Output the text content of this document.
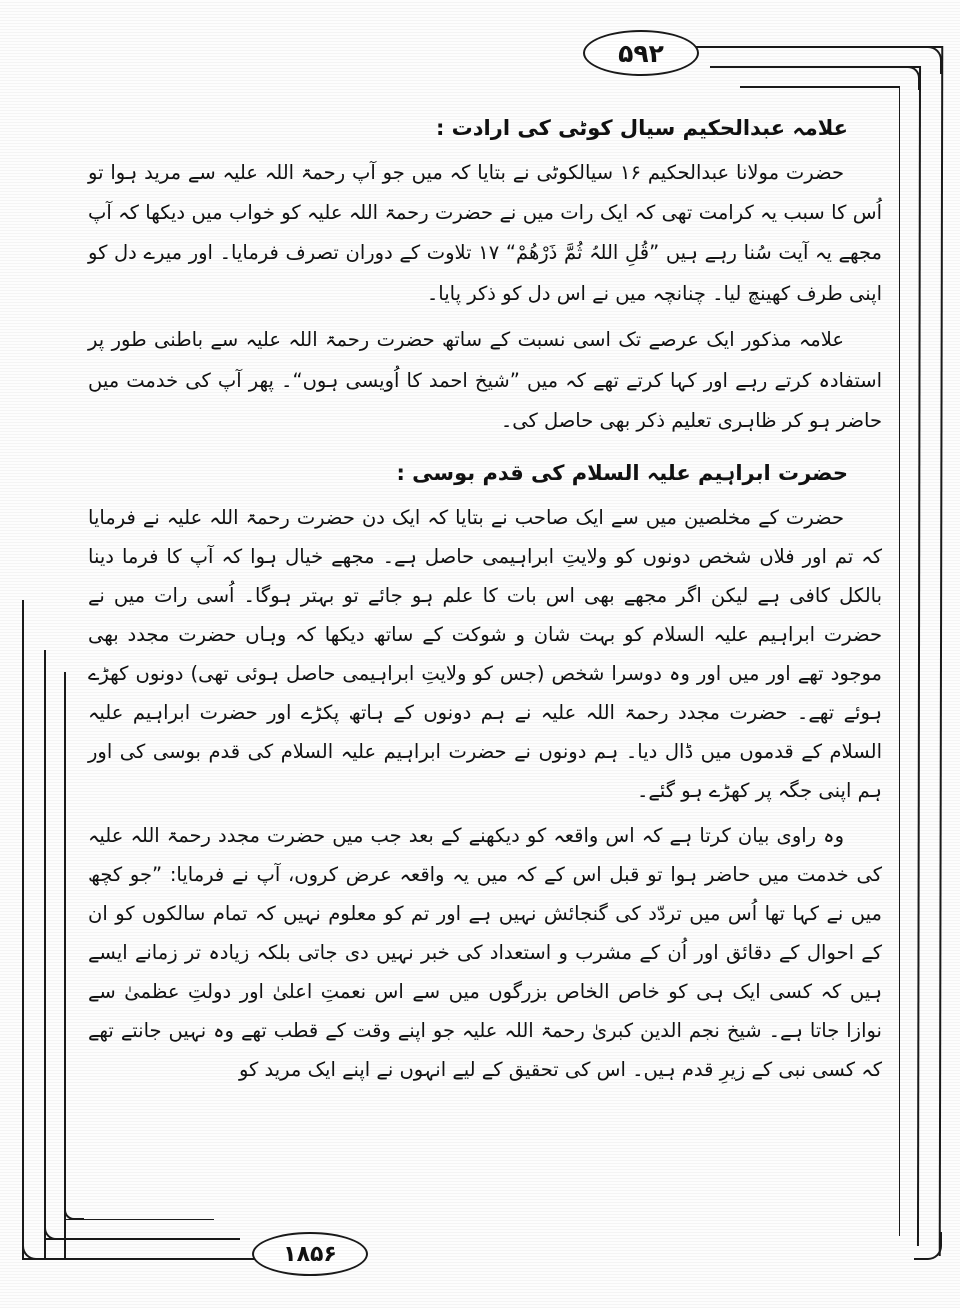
۵۹۲
۱۸۵۶
علامہ عبدالحکیم سیال کوٹی کی ارادت :

حضرت مولانا عبدالحکیم ۱۶ سیالکوٹی نے بتایا کہ میں جو آپ رحمۃ اللہ علیہ سے مرید ہوا تو اُس کا سبب یہ کرامت تھی کہ ایک رات میں نے حضرت رحمۃ اللہ علیہ کو خواب میں دیکھا کہ آپ مجھے یہ آیت سُنا رہے ہیں ”قُلِ اللہُ ثُمَّ ذَرْھُمْ“ ۱۷ تلاوت کے دوران تصرف فرمایا۔ اور میرے دل کو اپنی طرف کھینچ لیا۔ چنانچہ میں نے اس دل کو ذکر پایا۔

علامہ مذکور ایک عرصے تک اسی نسبت کے ساتھ حضرت رحمۃ اللہ علیہ سے باطنی طور پر استفادہ کرتے رہے اور کہا کرتے تھے کہ میں ”شیخ احمد کا اُویسی ہوں“۔ پھر آپ کی خدمت میں حاضر ہو کر ظاہری تعلیم ذکر بھی حاصل کی۔

حضرت ابراہیم علیہ السلام کی قدم بوسی :

حضرت کے مخلصین میں سے ایک صاحب نے بتایا کہ ایک دن حضرت رحمۃ اللہ علیہ نے فرمایا کہ تم اور فلاں شخص دونوں کو ولایتِ ابراہیمی حاصل ہے۔ مجھے خیال ہوا کہ آپ کا فرما دینا بالکل کافی ہے لیکن اگر مجھے بھی اس بات کا علم ہو جائے تو بہتر ہوگا۔ اُسی رات میں نے حضرت ابراہیم علیہ السلام کو بہت شان و شوکت کے ساتھ دیکھا کہ وہاں حضرت مجدد بھی موجود تھے اور میں اور وہ دوسرا شخص (جس کو ولایتِ ابراہیمی حاصل ہوئی تھی) دونوں کھڑے ہوئے تھے۔ حضرت مجدد رحمۃ اللہ علیہ نے ہم دونوں کے ہاتھ پکڑے اور حضرت ابراہیم علیہ السلام کے قدموں میں ڈال دیا۔ ہم دونوں نے حضرت ابراہیم علیہ السلام کی قدم بوسی کی اور ہم اپنی جگہ پر کھڑے ہو گئے۔

وہ راوی بیان کرتا ہے کہ اس واقعہ کو دیکھنے کے بعد جب میں حضرت مجدد رحمۃ اللہ علیہ کی خدمت میں حاضر ہوا تو قبل اس کے کہ میں یہ واقعہ عرض کروں، آپ نے فرمایا: ”جو کچھ میں نے کہا تھا اُس میں تردّد کی گنجائش نہیں ہے اور تم کو معلوم نہیں کہ تمام سالکوں کو ان کے احوال کے دقائق اور اُن کے مشرب و استعداد کی خبر نہیں دی جاتی بلکہ زیادہ تر زمانے ایسے ہیں کہ کسی ایک ہی کو خاص الخاص بزرگوں میں سے اس نعمتِ اعلیٰ اور دولتِ عظمیٰ سے نوازا جاتا ہے۔ شیخ نجم الدین کبریٰ رحمۃ اللہ علیہ جو اپنے وقت کے قطب تھے وہ نہیں جانتے تھے کہ کسی نبی کے زیرِ قدم ہیں۔ اس کی تحقیق کے لیے انہوں نے اپنے ایک مرید کو
